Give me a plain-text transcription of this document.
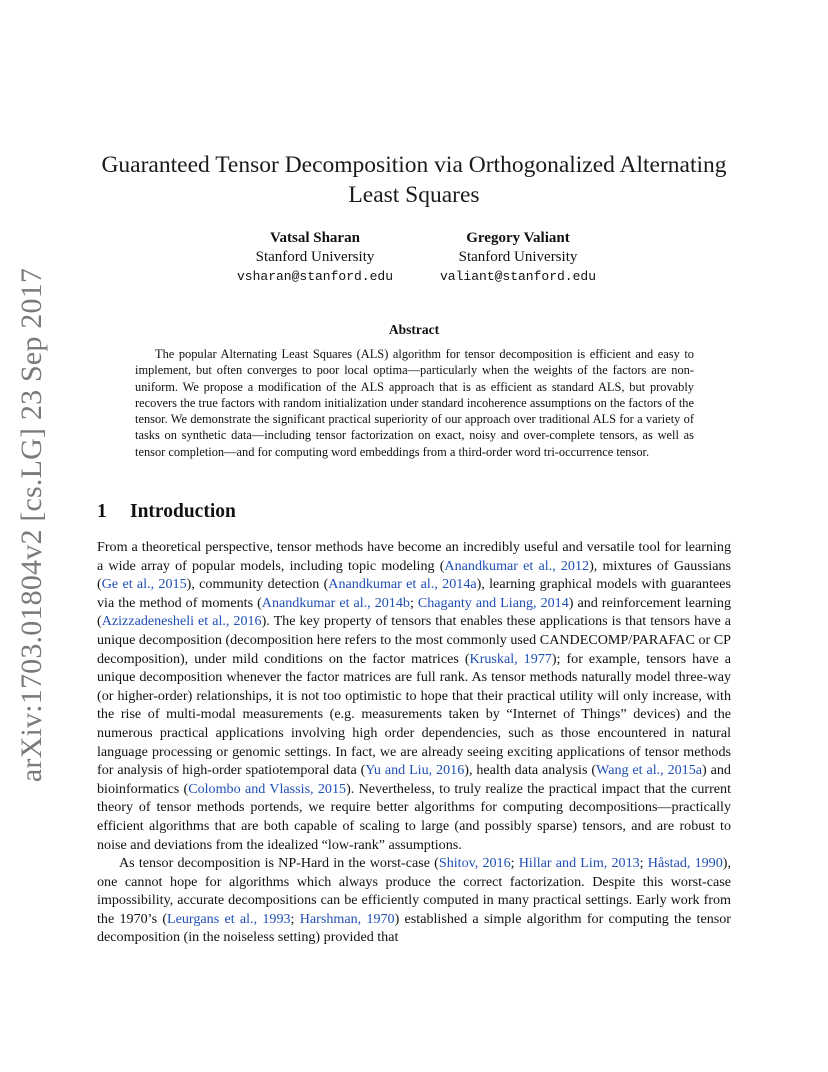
arXiv:1703.01804v2 [cs.LG] 23 Sep 2017
Guaranteed Tensor Decomposition via Orthogonalized Alternating Least Squares
Vatsal Sharan
Stanford University
vsharan@stanford.edu
Gregory Valiant
Stanford University
valiant@stanford.edu
Abstract
The popular Alternating Least Squares (ALS) algorithm for tensor decomposition is efficient and easy to implement, but often converges to poor local optima—particularly when the weights of the factors are non-uniform. We propose a modification of the ALS approach that is as efficient as standard ALS, but provably recovers the true factors with random initialization under standard incoherence assumptions on the factors of the tensor. We demonstrate the significant practical superiority of our approach over traditional ALS for a variety of tasks on synthetic data—including tensor factorization on exact, noisy and over-complete tensors, as well as tensor completion—and for computing word embeddings from a third-order word tri-occurrence tensor.
1 Introduction

From a theoretical perspective, tensor methods have become an incredibly useful and versatile tool for learning a wide array of popular models, including topic modeling (Anandkumar et al., 2012), mixtures of Gaussians (Ge et al., 2015), community detection (Anandkumar et al., 2014a), learning graphical models with guarantees via the method of moments (Anandkumar et al., 2014b; Chaganty and Liang, 2014) and reinforcement learning (Azizzadenesheli et al., 2016). The key property of tensors that enables these applications is that tensors have a unique decomposition (decomposition here refers to the most commonly used CANDECOMP/PARAFAC or CP decomposition), under mild conditions on the factor matrices (Kruskal, 1977); for example, tensors have a unique decomposition whenever the factor matrices are full rank. As tensor methods naturally model three-way (or higher-order) relationships, it is not too optimistic to hope that their practical utility will only increase, with the rise of multi-modal measurements (e.g. measurements taken by “Internet of Things” devices) and the numerous practical applications involving high order dependencies, such as those encountered in natural language processing or genomic settings. In fact, we are already seeing exciting applications of tensor methods for analysis of high-order spatiotemporal data (Yu and Liu, 2016), health data analysis (Wang et al., 2015a) and bioinformatics (Colombo and Vlassis, 2015). Nevertheless, to truly realize the practical impact that the current theory of tensor methods portends, we require better algorithms for computing decompositions—practically efficient algorithms that are both capable of scaling to large (and possibly sparse) tensors, and are robust to noise and deviations from the idealized “low-rank” assumptions.

As tensor decomposition is NP-Hard in the worst-case (Shitov, 2016; Hillar and Lim, 2013; Håstad, 1990), one cannot hope for algorithms which always produce the correct factorization. Despite this worst-case impossibility, accurate decompositions can be efficiently computed in many practical settings. Early work from the 1970’s (Leurgans et al., 1993; Harshman, 1970) established a simple algorithm for computing the tensor decomposition (in the noiseless setting) provided that
